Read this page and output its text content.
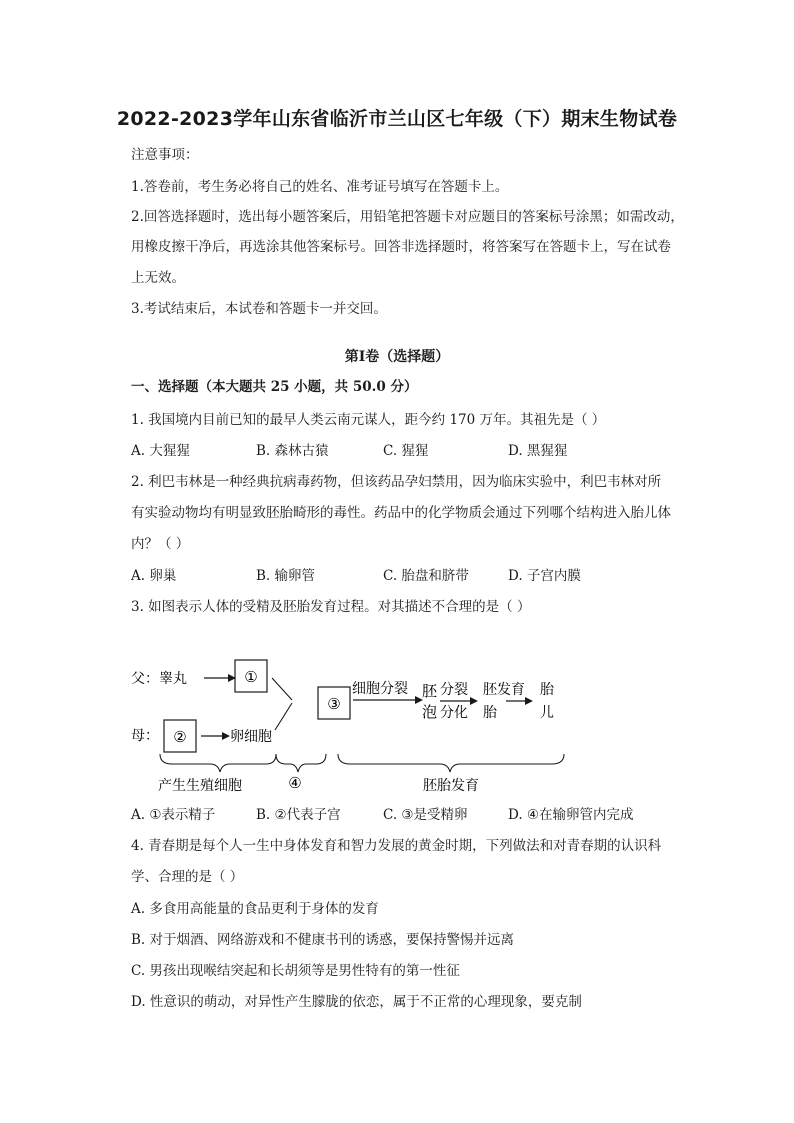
2022-2023学年山东省临沂市兰山区七年级（下）期末生物试卷
注意事项：
1.答卷前，考生务必将自己的姓名、准考证号填写在答题卡上。
2.回答选择题时，选出每小题答案后，用铅笔把答题卡对应题目的答案标号涂黑；如需改动，
用橡皮擦干净后，再选涂其他答案标号。回答非选择题时，将答案写在答题卡上，写在试卷
上无效。
3.考试结束后，本试卷和答题卡一并交回。
第Ⅰ卷（选择题）
一、选择题（本大题共 25 小题，共 50.0 分）
1. 我国境内目前已知的最早人类云南元谋人，距今约 170 万年。其祖先是（ ）
A. 大猩猩	B. 森林古猿	C. 猩猩	D. 黑猩猩
2. 利巴韦林是一种经典抗病毒药物，但该药品孕妇禁用，因为临床实验中，利巴韦林对所
有实验动物均有明显致胚胎畸形的毒性。药品中的化学物质会通过下列哪个结构进入胎儿体
内？（ ）
A. 卵巢	B. 输卵管	C. 胎盘和脐带	D. 子宫内膜
3. 如图表示人体的受精及胚胎发育过程。对其描述不合理的是（ ）
父：睾丸	①
母： ②	卵细胞
③
细胞分裂 胚
泡
分裂
分化
胚发育
胎
胎
儿
产生生殖细胞	④	胚胎发育
A. ①表示精子	B. ②代表子宫	C. ③是受精卵	D. ④在输卵管内完成
4. 青春期是每个人一生中身体发育和智力发展的黄金时期，下列做法和对青春期的认识科
学、合理的是（ ）
A. 多食用高能量的食品更利于身体的发育
B. 对于烟酒、网络游戏和不健康书刊的诱惑，要保持警惕并远离
C. 男孩出现喉结突起和长胡须等是男性特有的第一性征
D. 性意识的萌动，对异性产生朦胧的依恋，属于不正常的心理现象，要克制
